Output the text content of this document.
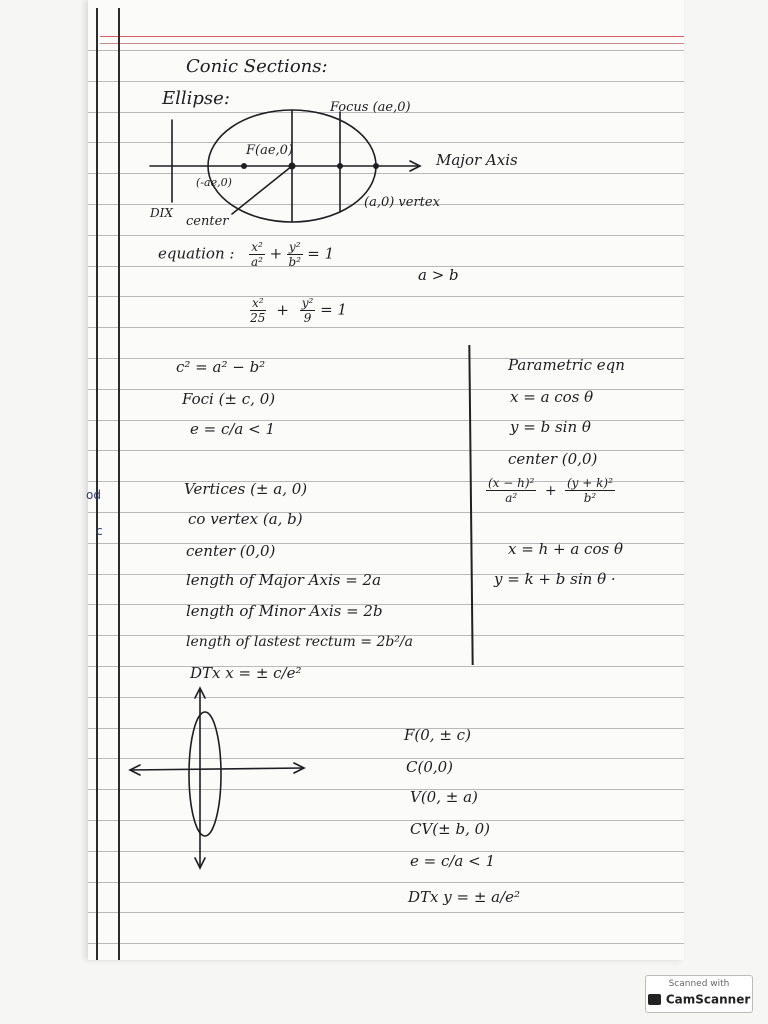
od
c
Conic Sections:
Ellipse:	Focus (ae,0)
F(ae,0)
(-ae,0)
Major Axis
(a,0) vertex
DIX
center
equation : $\frac{\text{x²}}{\text{a²}} + \frac{\text{y²}}{\text{b²}} = 1$
a > b
$\frac{\text{x²}}{25} + \frac{\text{y²}}{9} = 1$
c² = a² − b²
Foci (± c, 0)
e = c/a < 1
Vertices (± a, 0)
co vertex (a, b)
center (0,0)
length of Major Axis = 2a
length of Minor Axis = 2b
length of lastest rectum = 2b²/a
DTx x = ± c/e²
Parametric eqn
x = a cos θ
y = b sin θ
center (0,0)
$\frac{\text{(x − h)²}}{\text{a²}} + \frac{\text{(y + k)²}}{\text{b²}}$
x = h + a cos θ
y = k + b sin θ ·
F(0, ± c)
C(0,0)
V(0, ± a)
CV(± b, 0)
e = c/a < 1
DTx y = ± a/e²
Scanned with
CamScanner
